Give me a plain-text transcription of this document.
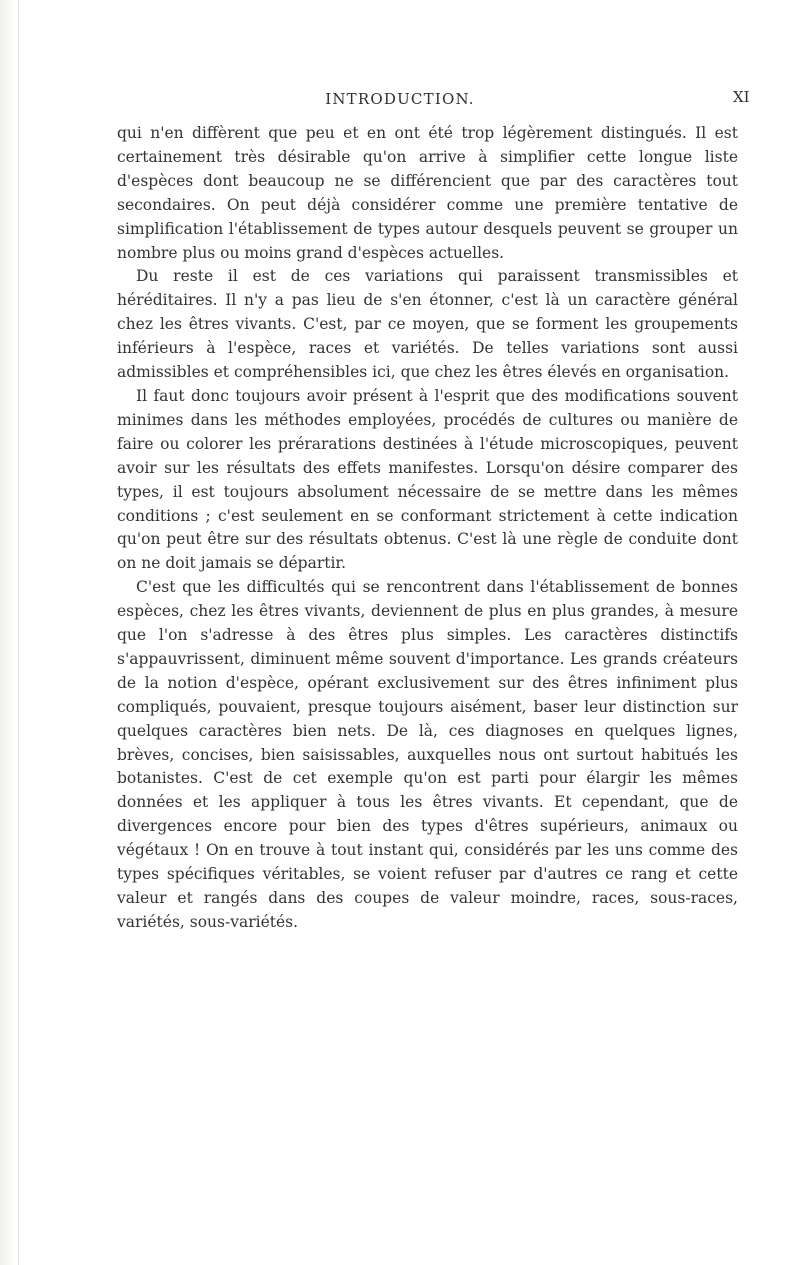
INTRODUCTION.	XI

qui n'en diffèrent que peu et en ont été trop légèrement distingués. Il est certainement très désirable qu'on arrive à simplifier cette longue liste d'espèces dont beaucoup ne se différencient que par des caractères tout secondaires. On peut déjà considérer comme une première tentative de simplification l'établissement de types autour desquels peuvent se grouper un nombre plus ou moins grand d'espèces actuelles.

Du reste il est de ces variations qui paraissent transmissibles et héréditaires. Il n'y a pas lieu de s'en étonner, c'est là un caractère général chez les êtres vivants. C'est, par ce moyen, que se forment les groupements inférieurs à l'espèce, races et variétés. De telles variations sont aussi admissibles et compréhensibles ici, que chez les êtres élevés en organisation.

Il faut donc toujours avoir présent à l'esprit que des modifications souvent minimes dans les méthodes employées, procédés de cultures ou manière de faire ou colorer les prérarations destinées à l'étude microscopiques, peuvent avoir sur les résultats des effets manifestes. Lorsqu'on désire comparer des types, il est toujours absolument nécessaire de se mettre dans les mêmes conditions ; c'est seulement en se conformant strictement à cette indication qu'on peut être sur des résultats obtenus. C'est là une règle de conduite dont on ne doit jamais se départir.

C'est que les difficultés qui se rencontrent dans l'établissement de bonnes espèces, chez les êtres vivants, deviennent de plus en plus grandes, à mesure que l'on s'adresse à des êtres plus simples. Les caractères distinctifs s'appauvrissent, diminuent même souvent d'importance. Les grands créateurs de la notion d'espèce, opérant exclusivement sur des êtres infiniment plus compliqués, pouvaient, presque toujours aisément, baser leur distinction sur quelques caractères bien nets. De là, ces diagnoses en quelques lignes, brèves, concises, bien saisissables, auxquelles nous ont surtout habitués les botanistes. C'est de cet exemple qu'on est parti pour élargir les mêmes données et les appliquer à tous les êtres vivants. Et cependant, que de divergences encore pour bien des types d'êtres supérieurs, animaux ou végétaux ! On en trouve à tout instant qui, considérés par les uns comme des types spécifiques véritables, se voient refuser par d'autres ce rang et cette valeur et rangés dans des coupes de valeur moindre, races, sous-races, variétés, sous-variétés.
